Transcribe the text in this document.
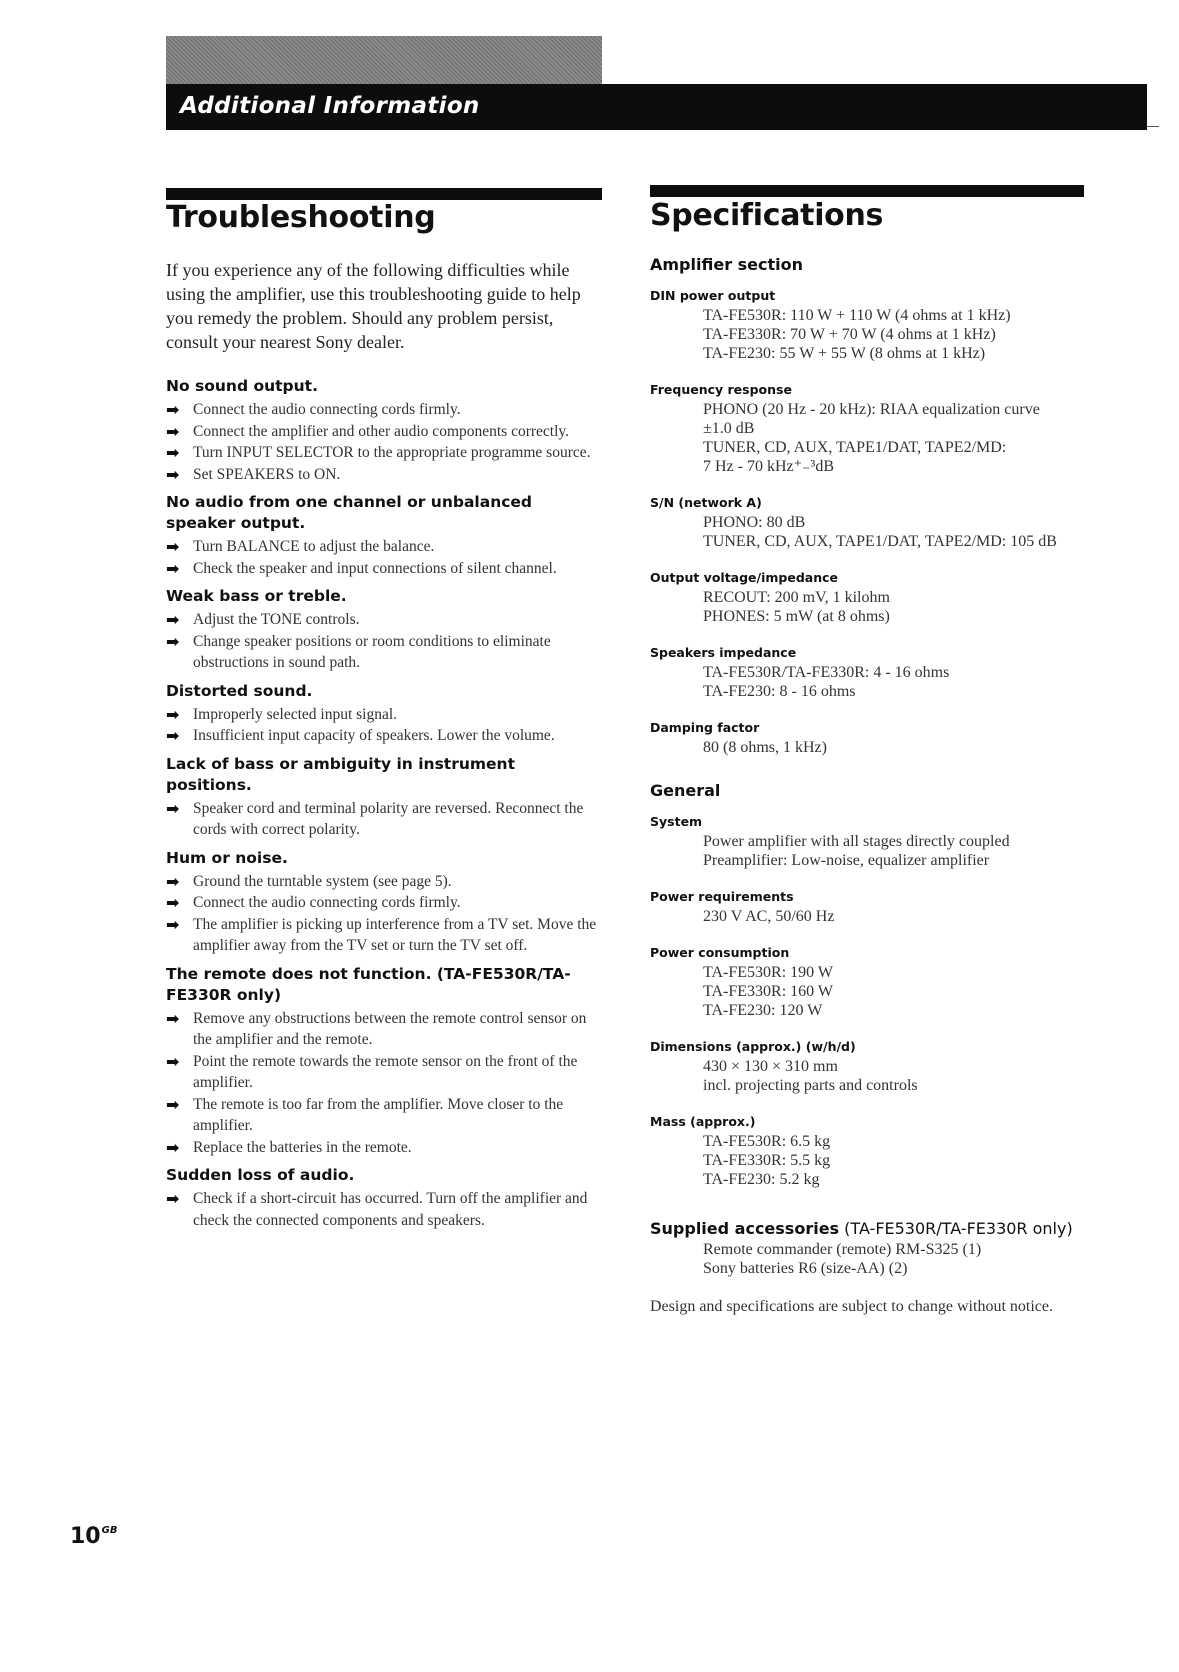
Additional Information
Troubleshooting

If you experience any of the following difficulties while using the amplifier, use this troubleshooting guide to help you remedy the problem. Should any problem persist, consult your nearest Sony dealer.

No sound output.
➡ Connect the audio connecting cords firmly.
➡ Connect the amplifier and other audio components correctly.
➡ Turn INPUT SELECTOR to the appropriate programme source.
➡ Set SPEAKERS to ON.
No audio from one channel or unbalanced speaker output.
➡ Turn BALANCE to adjust the balance.
➡ Check the speaker and input connections of silent channel.
Weak bass or treble.
➡ Adjust the TONE controls.
➡ Change speaker positions or room conditions to eliminate obstructions in sound path.
Distorted sound.
➡ Improperly selected input signal.
➡ Insufficient input capacity of speakers. Lower the volume.
Lack of bass or ambiguity in instrument positions.
➡ Speaker cord and terminal polarity are reversed. Reconnect the cords with correct polarity.
Hum or noise.
➡ Ground the turntable system (see page 5).
➡ Connect the audio connecting cords firmly.
➡ The amplifier is picking up interference from a TV set. Move the amplifier away from the TV set or turn the TV set off.
The remote does not function. (TA-FE530R/TA-FE330R only)
➡ Remove any obstructions between the remote control sensor on the amplifier and the remote.
➡ Point the remote towards the remote sensor on the front of the amplifier.
➡ The remote is too far from the amplifier. Move closer to the amplifier.
➡ Replace the batteries in the remote.
Sudden loss of audio.
➡ Check if a short-circuit has occurred. Turn off the amplifier and check the connected components and speakers.
Specifications
Amplifier section
DIN power output
TA-FE530R: 110 W + 110 W (4 ohms at 1 kHz)
TA-FE330R: 70 W + 70 W (4 ohms at 1 kHz)
TA-FE230: 55 W + 55 W (8 ohms at 1 kHz)
Frequency response
PHONO (20 Hz - 20 kHz): RIAA equalization curve
±1.0 dB
TUNER, CD, AUX, TAPE1/DAT, TAPE2/MD:
7 Hz - 70 kHz⁺₋³dB
S/N (network A)
PHONO: 80 dB
TUNER, CD, AUX, TAPE1/DAT, TAPE2/MD: 105 dB
Output voltage/impedance
RECOUT: 200 mV, 1 kilohm
PHONES: 5 mW (at 8 ohms)
Speakers impedance
TA-FE530R/TA-FE330R: 4 - 16 ohms
TA-FE230: 8 - 16 ohms
Damping factor
80 (8 ohms, 1 kHz)
General
System
Power amplifier with all stages directly coupled
Preamplifier: Low-noise, equalizer amplifier
Power requirements
230 V AC, 50/60 Hz
Power consumption
TA-FE530R: 190 W
TA-FE330R: 160 W
TA-FE230: 120 W
Dimensions (approx.) (w/h/d)
430 × 130 × 310 mm
incl. projecting parts and controls
Mass (approx.)
TA-FE530R: 6.5 kg
TA-FE330R: 5.5 kg
TA-FE230: 5.2 kg
Supplied accessories (TA-FE530R/TA-FE330R only)
Remote commander (remote) RM-S325 (1)
Sony batteries R6 (size-AA) (2)
Design and specifications are subject to change without notice.
$10^{GB}$
